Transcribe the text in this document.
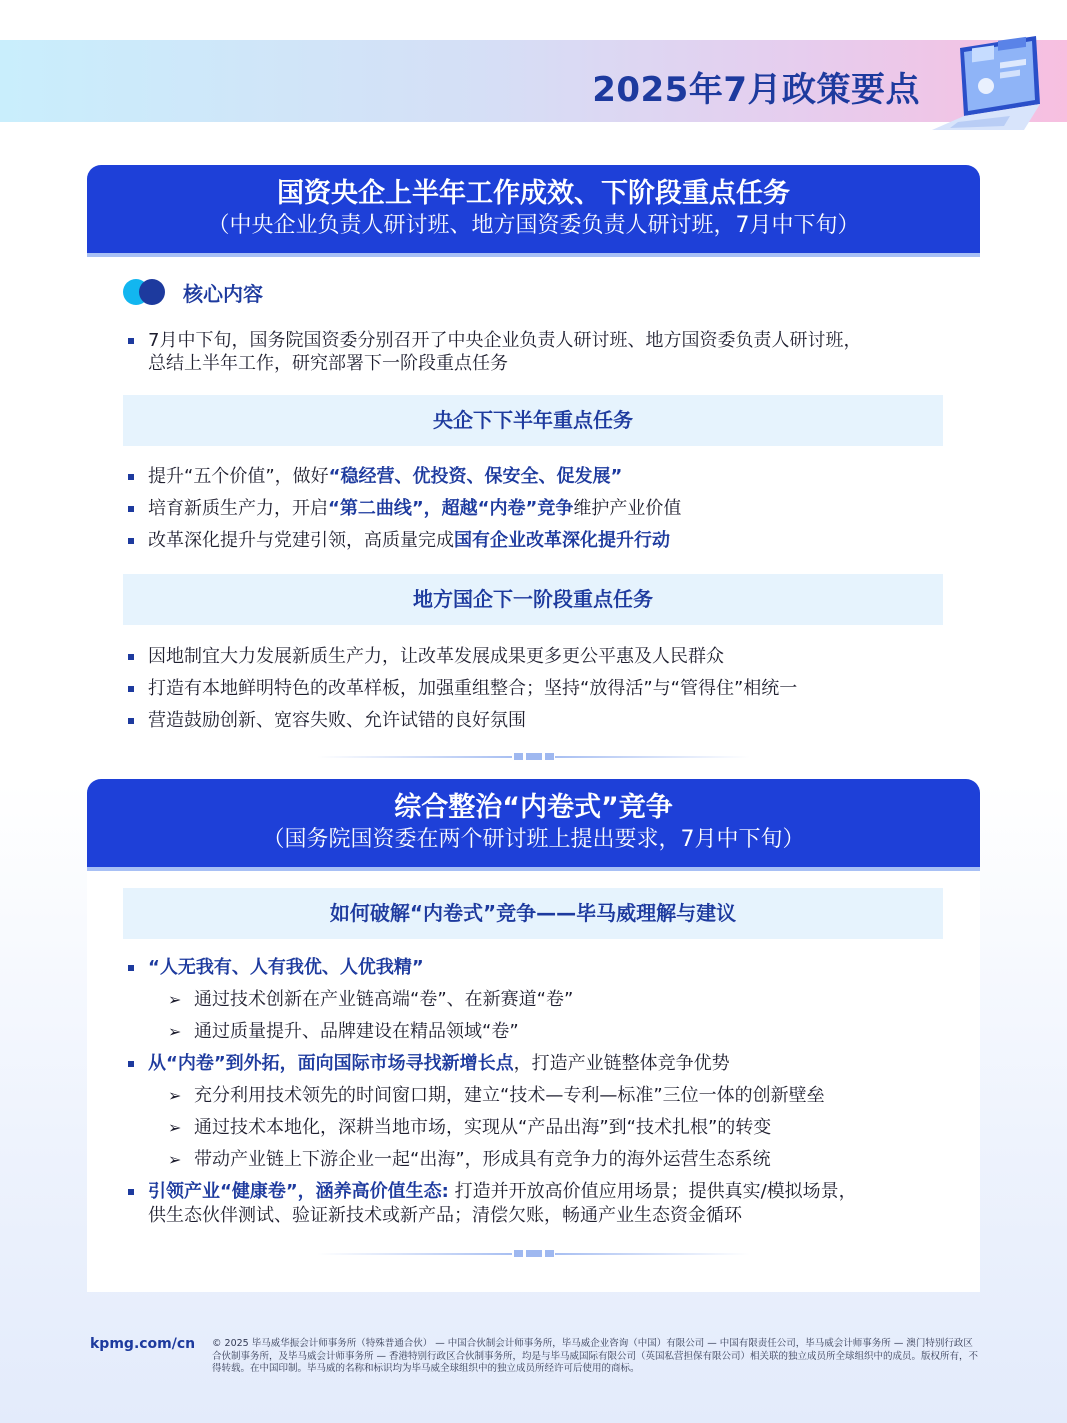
2025年7月政策要点
国资央企上半年工作成效、下阶段重点任务
（中央企业负责人研讨班、地方国资委负责人研讨班，7月中下旬）
核心内容
7月中下旬，国务院国资委分别召开了中央企业负责人研讨班、地方国资委负责人研讨班，
总结上半年工作，研究部署下一阶段重点任务
央企下下半年重点任务
提升“五个价值”，做好“稳经营、优投资、保安全、促发展”
培育新质生产力，开启“第二曲线”，超越“内卷”竞争维护产业价值
改革深化提升与党建引领，高质量完成国有企业改革深化提升行动
地方国企下一阶段重点任务
因地制宜大力发展新质生产力，让改革发展成果更多更公平惠及人民群众
打造有本地鲜明特色的改革样板，加强重组整合；坚持“放得活”与“管得住”相统一
营造鼓励创新、宽容失败、允许试错的良好氛围
综合整治“内卷式”竞争
（国务院国资委在两个研讨班上提出要求，7月中下旬）
如何破解“内卷式”竞争——毕马威理解与建议
“人无我有、人有我优、人优我精”
➢ 通过技术创新在产业链高端“卷”、在新赛道“卷”
➢ 通过质量提升、品牌建设在精品领域“卷”
从“内卷”到外拓，面向国际市场寻找新增长点，打造产业链整体竞争优势
➢ 充分利用技术领先的时间窗口期，建立“技术—专利—标准”三位一体的创新壁垒
➢ 通过技术本地化，深耕当地市场，实现从“产品出海”到“技术扎根”的转变
➢ 带动产业链上下游企业一起“出海”，形成具有竞争力的海外运营生态系统
引领产业“健康卷”，涵养高价值生态: 打造并开放高价值应用场景；提供真实/模拟场景，
供生态伙伴测试、验证新技术或新产品；清偿欠账，畅通产业生态资金循环
kpmg.com/cn © 2025 毕马威华振会计师事务所（特殊普通合伙） — 中国合伙制会计师事务所，毕马威企业咨询（中国）有限公司 — 中国有限责任公司，毕马威会计师事务所 — 澳门特别行政区合伙制事务所，及毕马威会计师事务所 — 香港特别行政区合伙制事务所，均是与毕马威国际有限公司（英国私营担保有限公司）相关联的独立成员所全球组织中的成员。版权所有，不得转载。在中国印制。毕马威的名称和标识均为毕马威全球组织中的独立成员所经许可后使用的商标。
